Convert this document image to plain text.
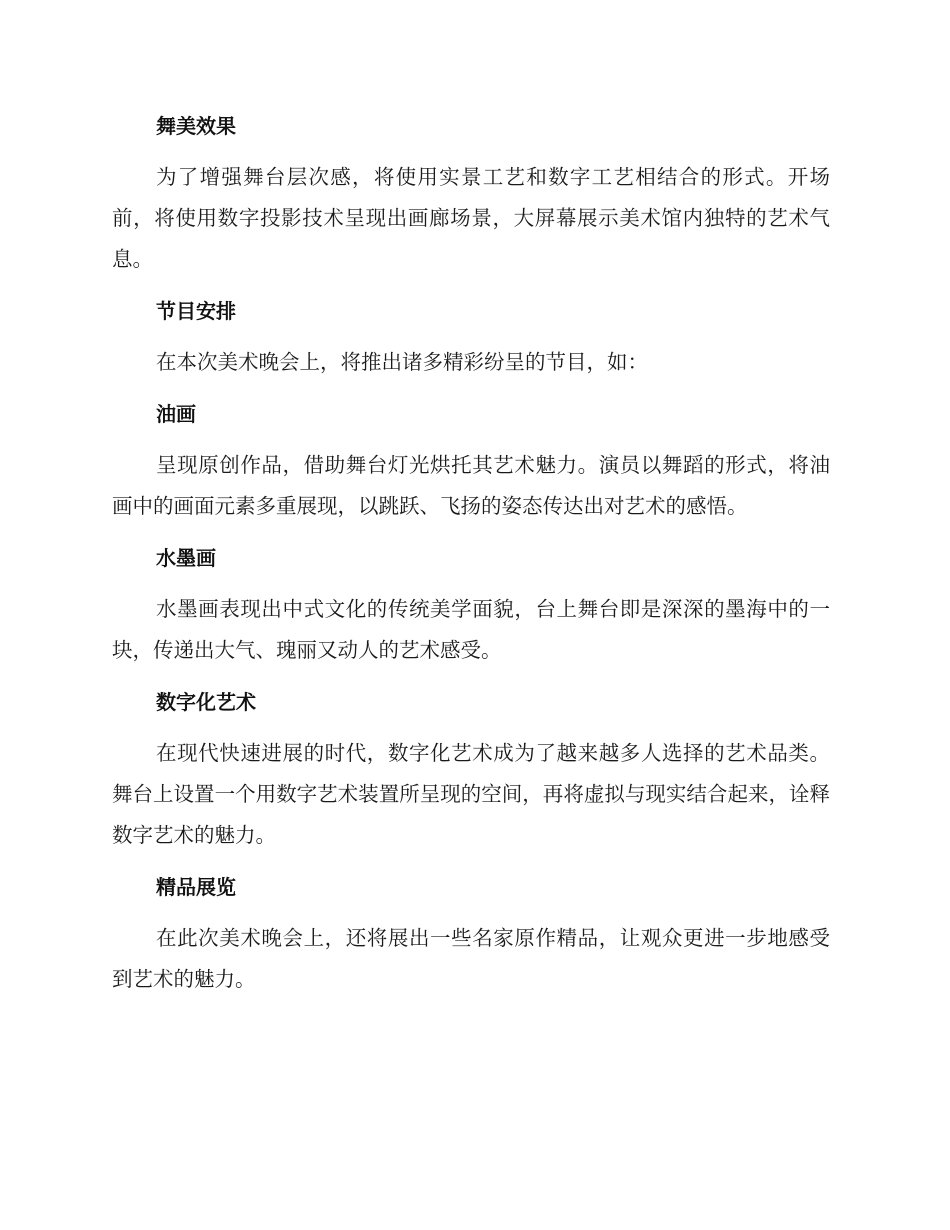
舞美效果

为了增强舞台层次感，将使用实景工艺和数字工艺相结合的形式。开场前，将使用数字投影技术呈现出画廊场景，大屏幕展示美术馆内独特的艺术气息。

节目安排

在本次美术晚会上，将推出诸多精彩纷呈的节目，如：

油画

呈现原创作品，借助舞台灯光烘托其艺术魅力。演员以舞蹈的形式，将油画中的画面元素多重展现，以跳跃、飞扬的姿态传达出对艺术的感悟。

水墨画

水墨画表现出中式文化的传统美学面貌，台上舞台即是深深的墨海中的一块，传递出大气、瑰丽又动人的艺术感受。

数字化艺术

在现代快速进展的时代，数字化艺术成为了越来越多人选择的艺术品类。舞台上设置一个用数字艺术装置所呈现的空间，再将虚拟与现实结合起来，诠释数字艺术的魅力。

精品展览

在此次美术晚会上，还将展出一些名家原作精品，让观众更进一步地感受到艺术的魅力。
